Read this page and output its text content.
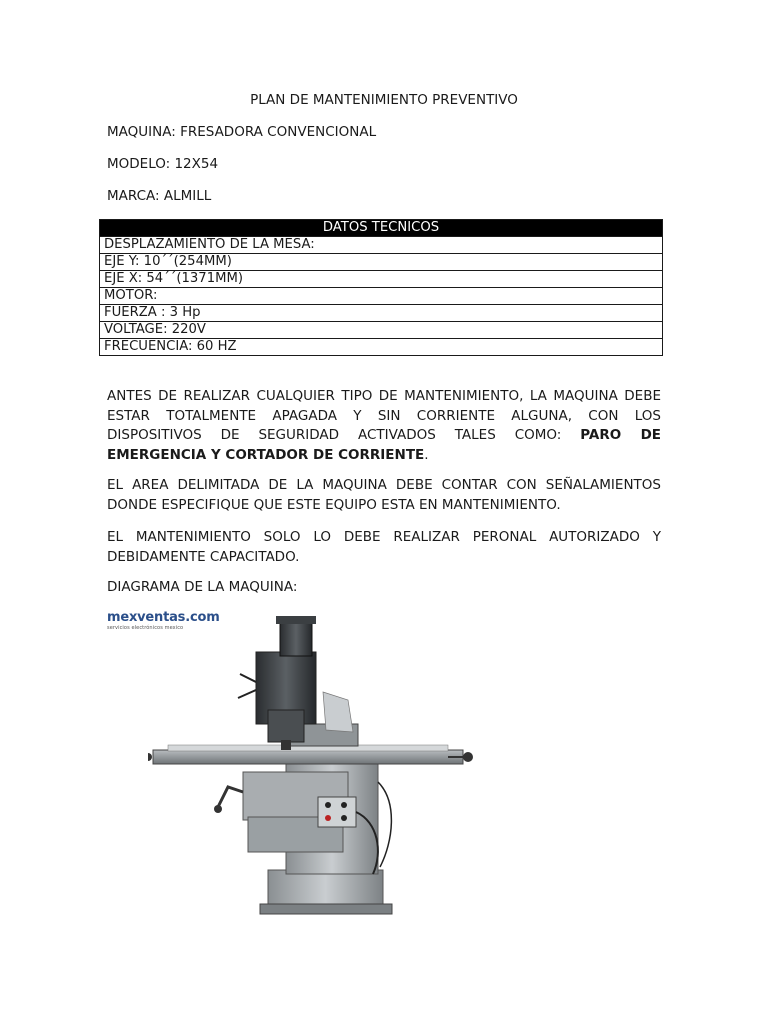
PLAN DE MANTENIMIENTO PREVENTIVO
MAQUINA: FRESADORA CONVENCIONAL
MODELO: 12X54
MARCA: ALMILL
DATOS TECNICOS
DESPLAZAMIENTO DE LA MESA:
EJE Y: 10´´(254MM)
EJE X: 54´´(1371MM)
MOTOR:
FUERZA : 3 Hp
VOLTAGE: 220V
FRECUENCIA: 60 HZ
ANTES DE REALIZAR CUALQUIER TIPO DE MANTENIMIENTO, LA MAQUINA DEBE ESTAR TOTALMENTE APAGADA Y SIN CORRIENTE ALGUNA, CON LOS DISPOSITIVOS DE SEGURIDAD ACTIVADOS TALES COMO: PARO DE EMERGENCIA Y CORTADOR DE CORRIENTE.
EL AREA DELIMITADA DE LA MAQUINA DEBE CONTAR CON SEÑALAMIENTOS DONDE ESPECIFIQUE QUE ESTE EQUIPO ESTA EN MANTENIMIENTO.
EL MANTENIMIENTO SOLO LO DEBE REALIZAR PERONAL AUTORIZADO Y DEBIDAMENTE CAPACITADO.
DIAGRAMA DE LA MAQUINA:
mexventas.com
servicios electrónicos mexico
